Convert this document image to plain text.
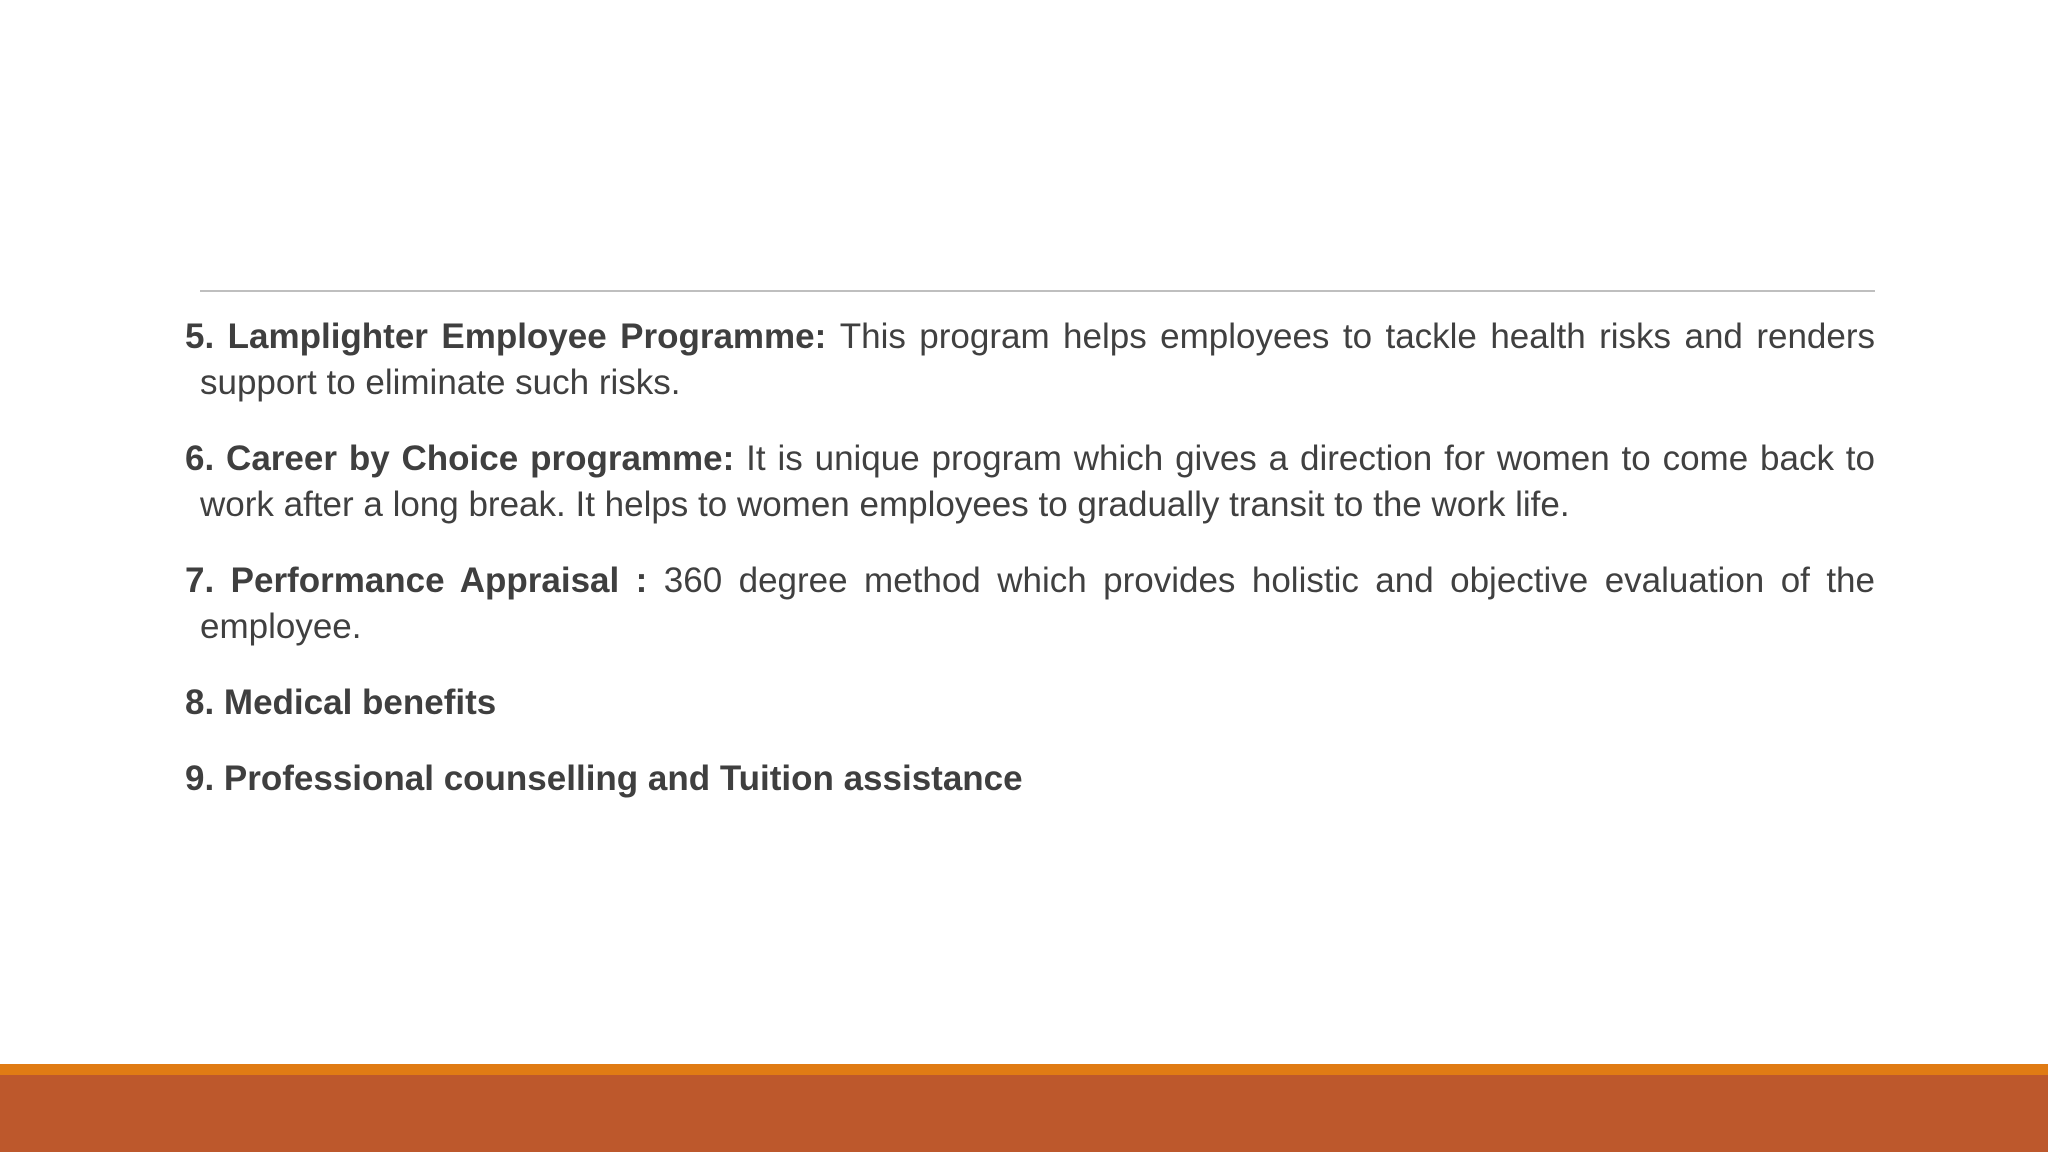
5. Lamplighter Employee Programme: This program helps employees to tackle health risks and renders support to eliminate such risks.

6. Career by Choice programme: It is unique program which gives a direction for women to come back to work after a long break. It helps to women employees to gradually transit to the work life.

7. Performance Appraisal : 360 degree method which provides holistic and objective evaluation of the employee.

8. Medical benefits

9. Professional counselling and Tuition assistance
